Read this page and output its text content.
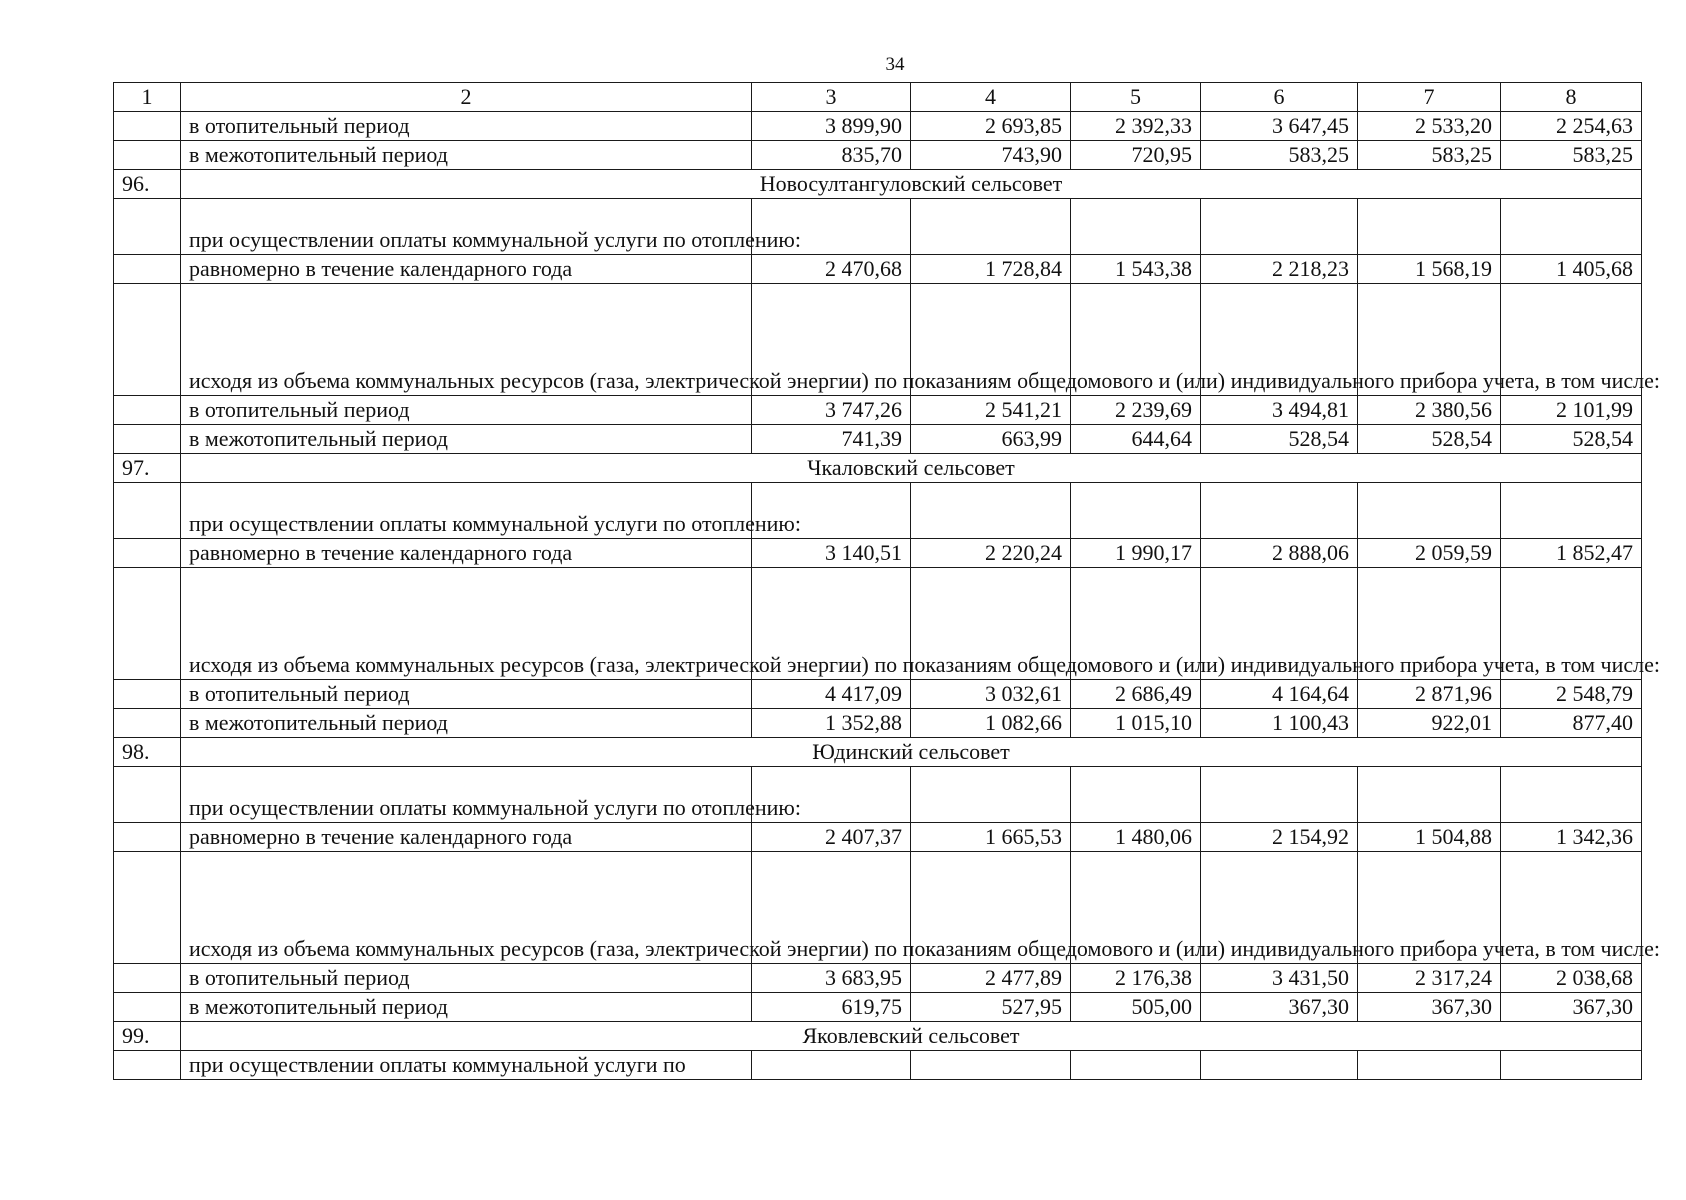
34
1	2	3	4	5	6	7	8
	в отопительный период	3 899,90	2 693,85	2 392,33	3 647,45	2 533,20	2 254,63
	в межотопительный период	835,70	743,90	720,95	583,25	583,25	583,25
96.	Новосултангуловский сельсовет						
	при осуществлении оплаты коммунальной услуги по отоплению:						
	равномерно в течение календарного года	2 470,68	1 728,84	1 543,38	2 218,23	1 568,19	1 405,68
	исходя из объема коммунальных ресурсов (газа, электрической энергии) по показаниям общедомового и (или) индивидуального прибора учета, в том числе:						
	в отопительный период	3 747,26	2 541,21	2 239,69	3 494,81	2 380,56	2 101,99
	в межотопительный период	741,39	663,99	644,64	528,54	528,54	528,54
97.	Чкаловский сельсовет						
	при осуществлении оплаты коммунальной услуги по отоплению:						
	равномерно в течение календарного года	3 140,51	2 220,24	1 990,17	2 888,06	2 059,59	1 852,47
	исходя из объема коммунальных ресурсов (газа, электрической энергии) по показаниям общедомового и (или) индивидуального прибора учета, в том числе:						
	в отопительный период	4 417,09	3 032,61	2 686,49	4 164,64	2 871,96	2 548,79
	в межотопительный период	1 352,88	1 082,66	1 015,10	1 100,43	922,01	877,40
98.	Юдинский сельсовет						
	при осуществлении оплаты коммунальной услуги по отоплению:						
	равномерно в течение календарного года	2 407,37	1 665,53	1 480,06	2 154,92	1 504,88	1 342,36
	исходя из объема коммунальных ресурсов (газа, электрической энергии) по показаниям общедомового и (или) индивидуального прибора учета, в том числе:						
	в отопительный период	3 683,95	2 477,89	2 176,38	3 431,50	2 317,24	2 038,68
	в межотопительный период	619,75	527,95	505,00	367,30	367,30	367,30
99.	Яковлевский сельсовет						
	при осуществлении оплаты коммунальной услуги по						
